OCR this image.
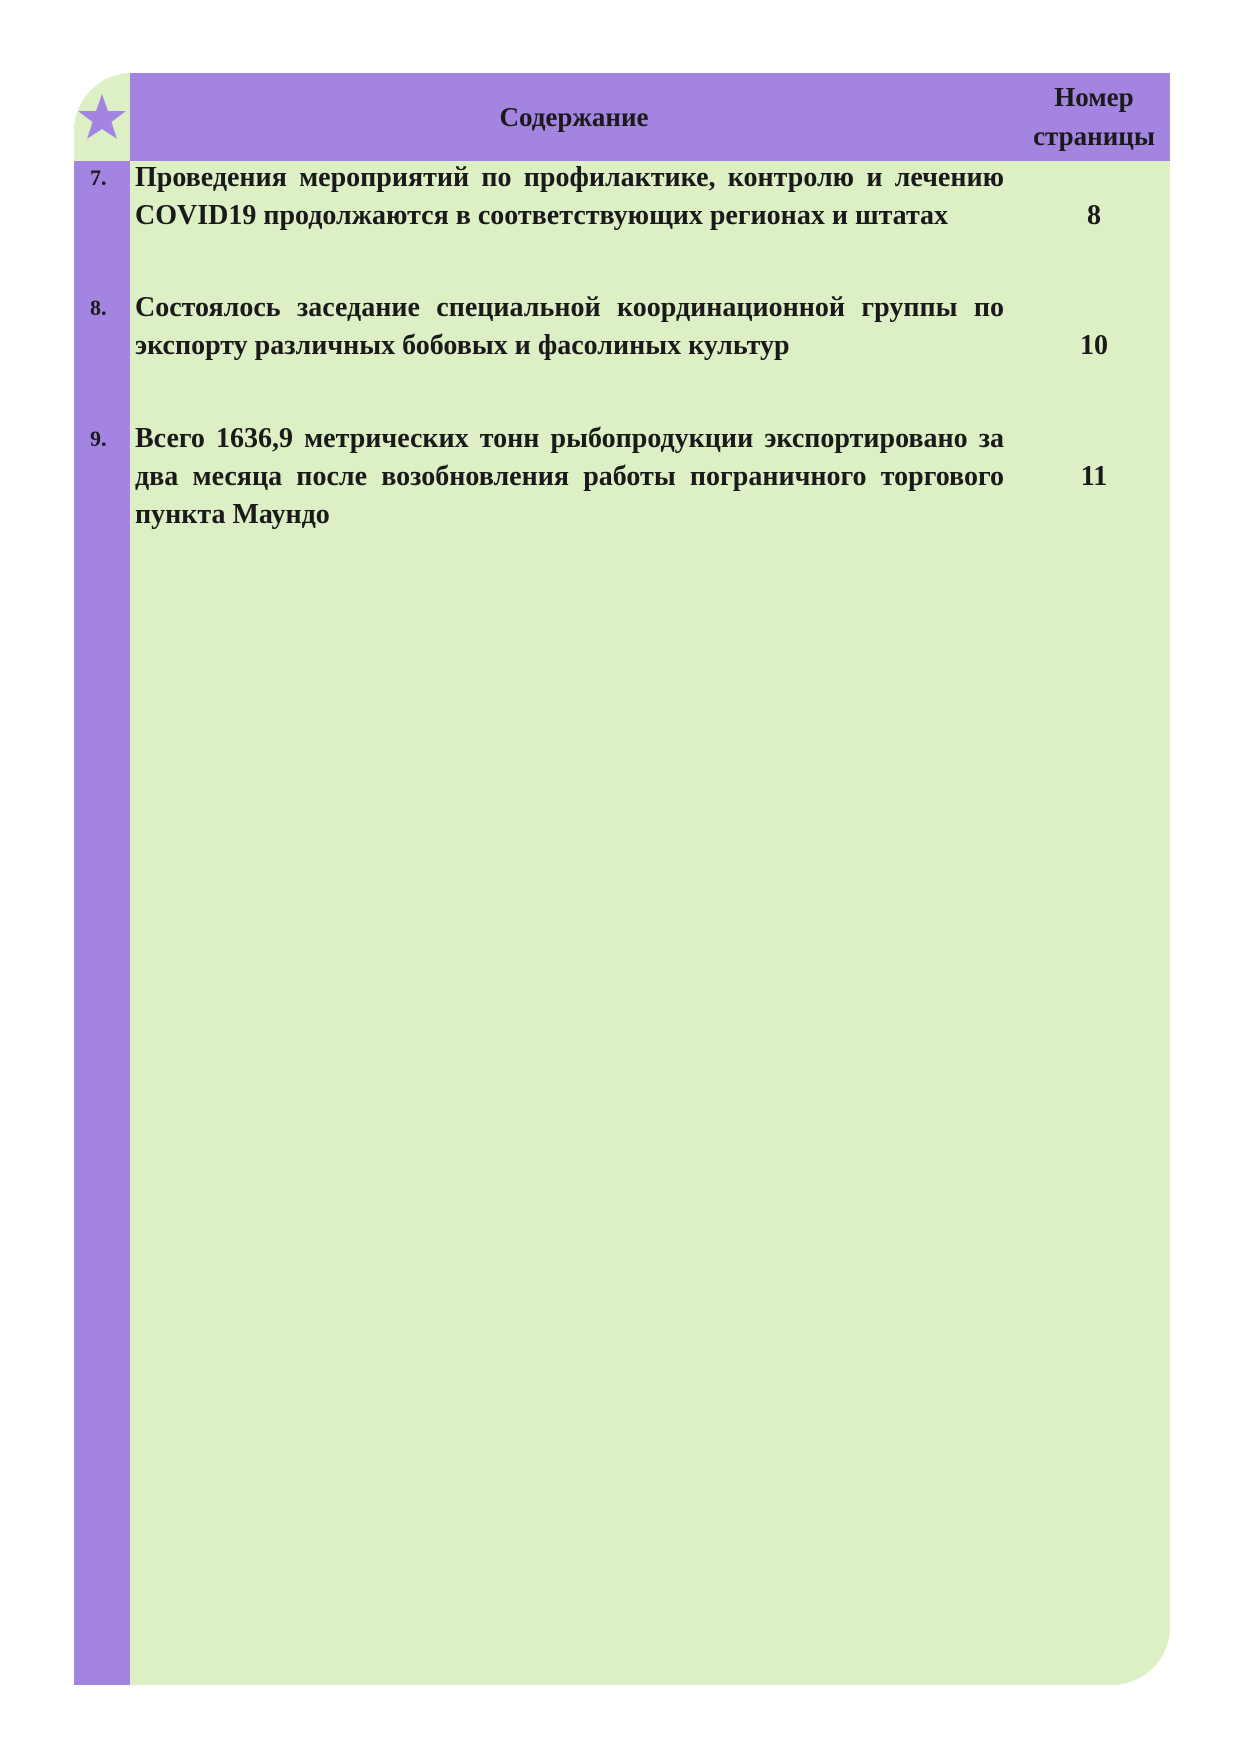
Содержание
Номер
страницы
7. Проведения мероприятий по профилактике, контролю и лечению COVID19 продолжаются в соответствующих регионах и штатах	8
8. Состоялось заседание специальной координационной группы по экспорту различных бобовых и фасолиных культур	10
9. Всего 1636,9 метрических тонн рыбопродукции экспортировано за два месяца после возобновления работы пограничного торгового пункта Маундо
11
